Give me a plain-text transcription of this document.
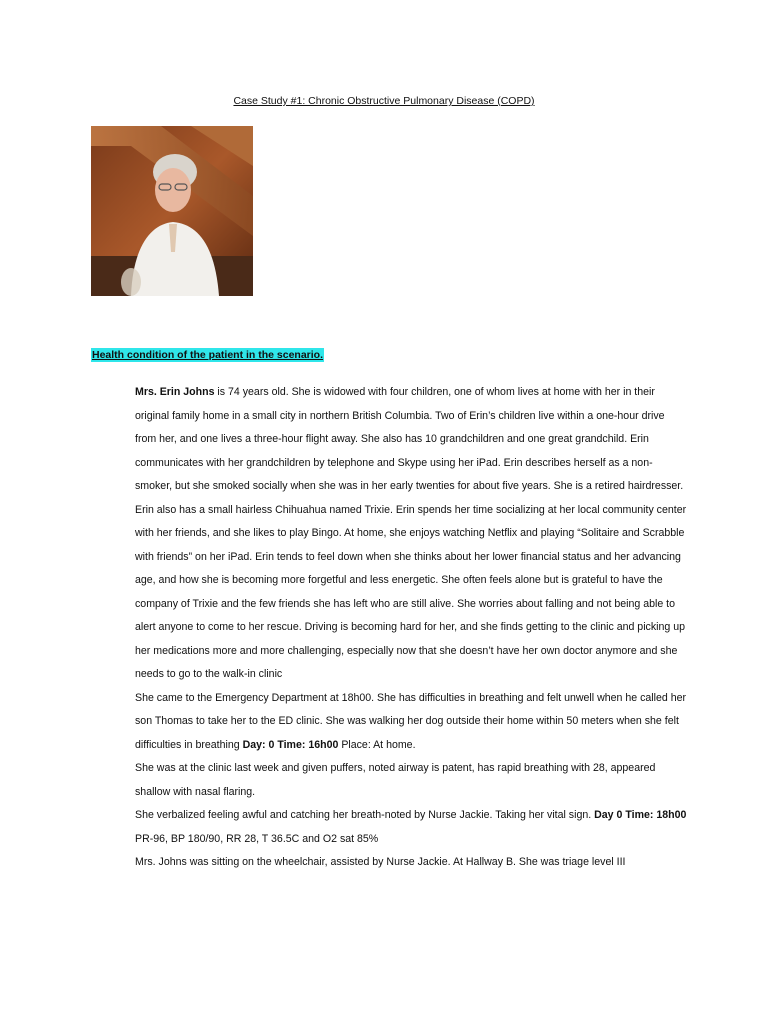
Case Study #1: Chronic Obstructive Pulmonary Disease (COPD)
Health condition of the patient in the scenario.
Mrs. Erin Johns is 74 years old. She is widowed with four children, one of whom lives at home with her in their original family home in a small city in northern British Columbia. Two of Erin’s children live within a one-hour drive from her, and one lives a three-hour flight away. She also has 10 grandchildren and one great grandchild. Erin communicates with her grandchildren by telephone and Skype using her iPad. Erin describes herself as a non-smoker, but she smoked socially when she was in her early twenties for about five years. She is a retired hairdresser. Erin also has a small hairless Chihuahua named Trixie. Erin spends her time socializing at her local community center with her friends, and she likes to play Bingo. At home, she enjoys watching Netflix and playing “Solitaire and Scrabble with friends” on her iPad. Erin tends to feel down when she thinks about her lower financial status and her advancing age, and how she is becoming more forgetful and less energetic. She often feels alone but is grateful to have the company of Trixie and the few friends she has left who are still alive. She worries about falling and not being able to alert anyone to come to her rescue. Driving is becoming hard for her, and she finds getting to the clinic and picking up her medications more and more challenging, especially now that she doesn’t have her own doctor anymore and she needs to go to the walk-in clinic
She came to the Emergency Department at 18h00. She has difficulties in breathing and felt unwell when he called her son Thomas to take her to the ED clinic. She was walking her dog outside their home within 50 meters when she felt difficulties in breathing Day: 0 Time: 16h00 Place: At home.
She was at the clinic last week and given puffers, noted airway is patent, has rapid breathing with 28, appeared shallow with nasal flaring.
She verbalized feeling awful and catching her breath-noted by Nurse Jackie. Taking her vital sign. Day 0 Time: 18h00 PR-96, BP 180/90, RR 28, T 36.5C and O2 sat 85%
Mrs. Johns was sitting on the wheelchair, assisted by Nurse Jackie. At Hallway B. She was triage level III
